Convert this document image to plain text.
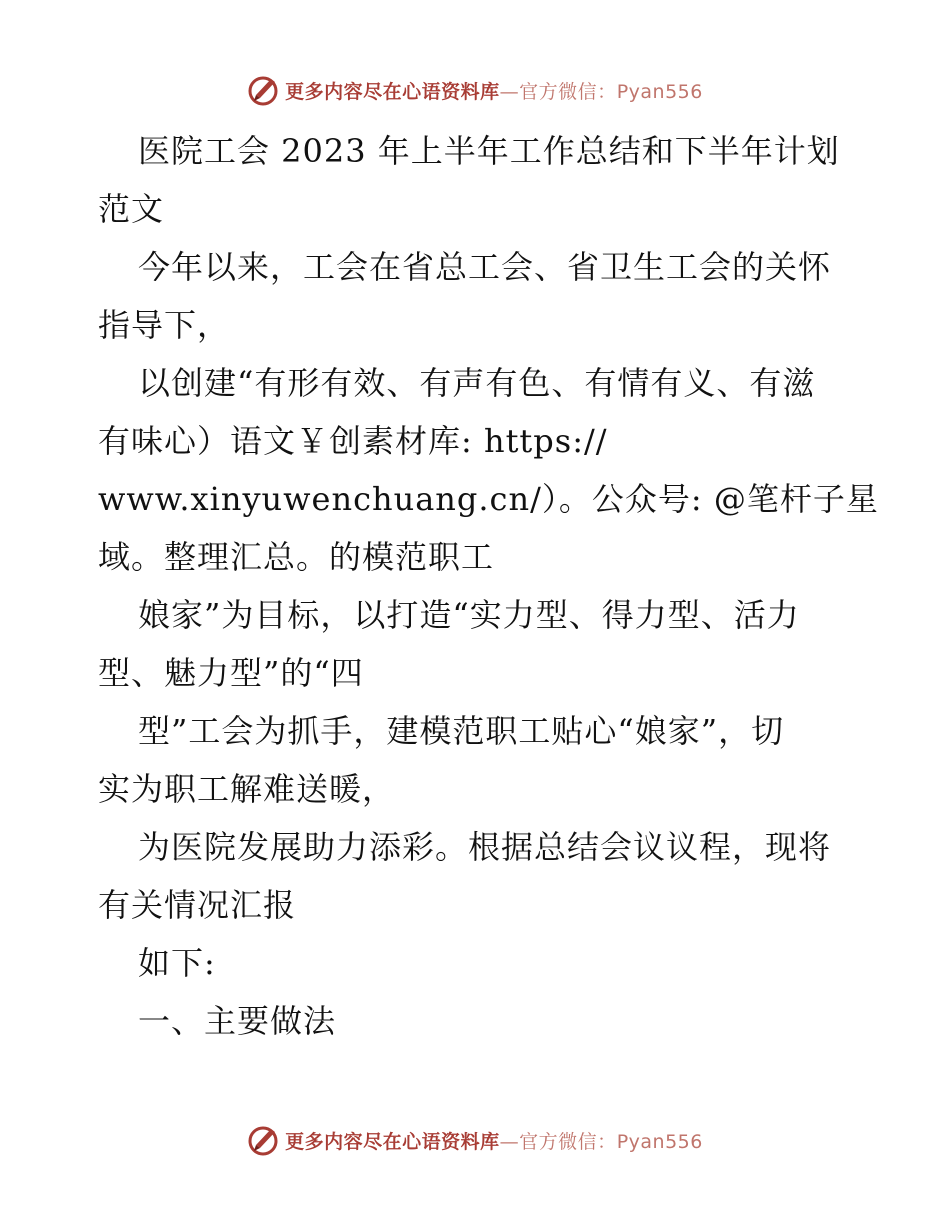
更多内容尽在心语资料库—官方微信：Pyan556
医院工会 2023 年上半年工作总结和下半年计划
范文
今年以来，工会在省总工会、省卫生工会的关怀
指导下，
以创建“有形有效、有声有色、有情有义、有滋
有味心）语文￥创素材库: https://
www.xinyuwenchuang.cn/）。公众号: @笔杆子星
域。整理汇总。的模范职工
娘家”为目标，以打造“实力型、得力型、活力
型、魅力型”的“四
型”工会为抓手，建模范职工贴心“娘家”，切
实为职工解难送暖，
为医院发展助力添彩。根据总结会议议程，现将
有关情况汇报
如下:
一、主要做法
更多内容尽在心语资料库—官方微信：Pyan556
